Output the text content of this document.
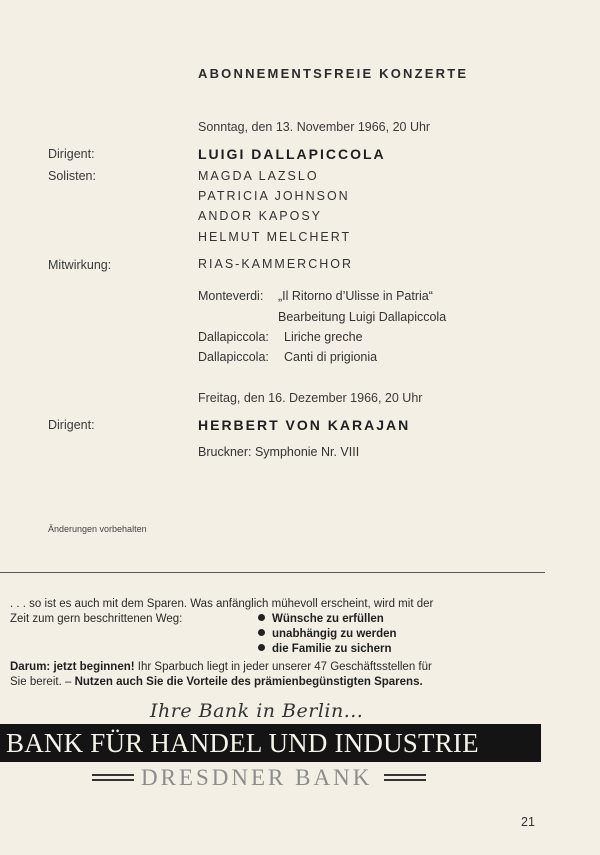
ABONNEMENTSFREIE KONZERTE
Sonntag, den 13. November 1966, 20 Uhr
Dirigent:	LUIGI DALLAPICCOLA
Solisten:	MAGDA LAZSLO
PATRICIA JOHNSON
ANDOR KAPOSY
HELMUT MELCHERT
Mitwirkung:	RIAS-KAMMERCHOR
Monteverdi: „Il Ritorno d’Ulisse in Patria“
Bearbeitung Luigi Dallapiccola
Dallapiccola: Liriche greche
Dallapiccola: Canti di prigionia
Freitag, den 16. Dezember 1966, 20 Uhr
Dirigent:	HERBERT VON KARAJAN
Bruckner: Symphonie Nr. VIII
Änderungen vorbehalten
. . . so ist es auch mit dem Sparen. Was anfänglich mühevoll erscheint, wird mit der
Zeit zum gern beschrittenen Weg:	Wünsche zu erfüllen
unabhängig zu werden
die Familie zu sichern
Darum: jetzt beginnen! Ihr Sparbuch liegt in jeder unserer 47 Geschäftsstellen für
Sie bereit. – Nutzen auch Sie die Vorteile des prämienbegünstigten Sparens.
Ihre Bank in Berlin...
BANK FÜR HANDEL UND INDUSTRIE
DRESDNER BANK
21
